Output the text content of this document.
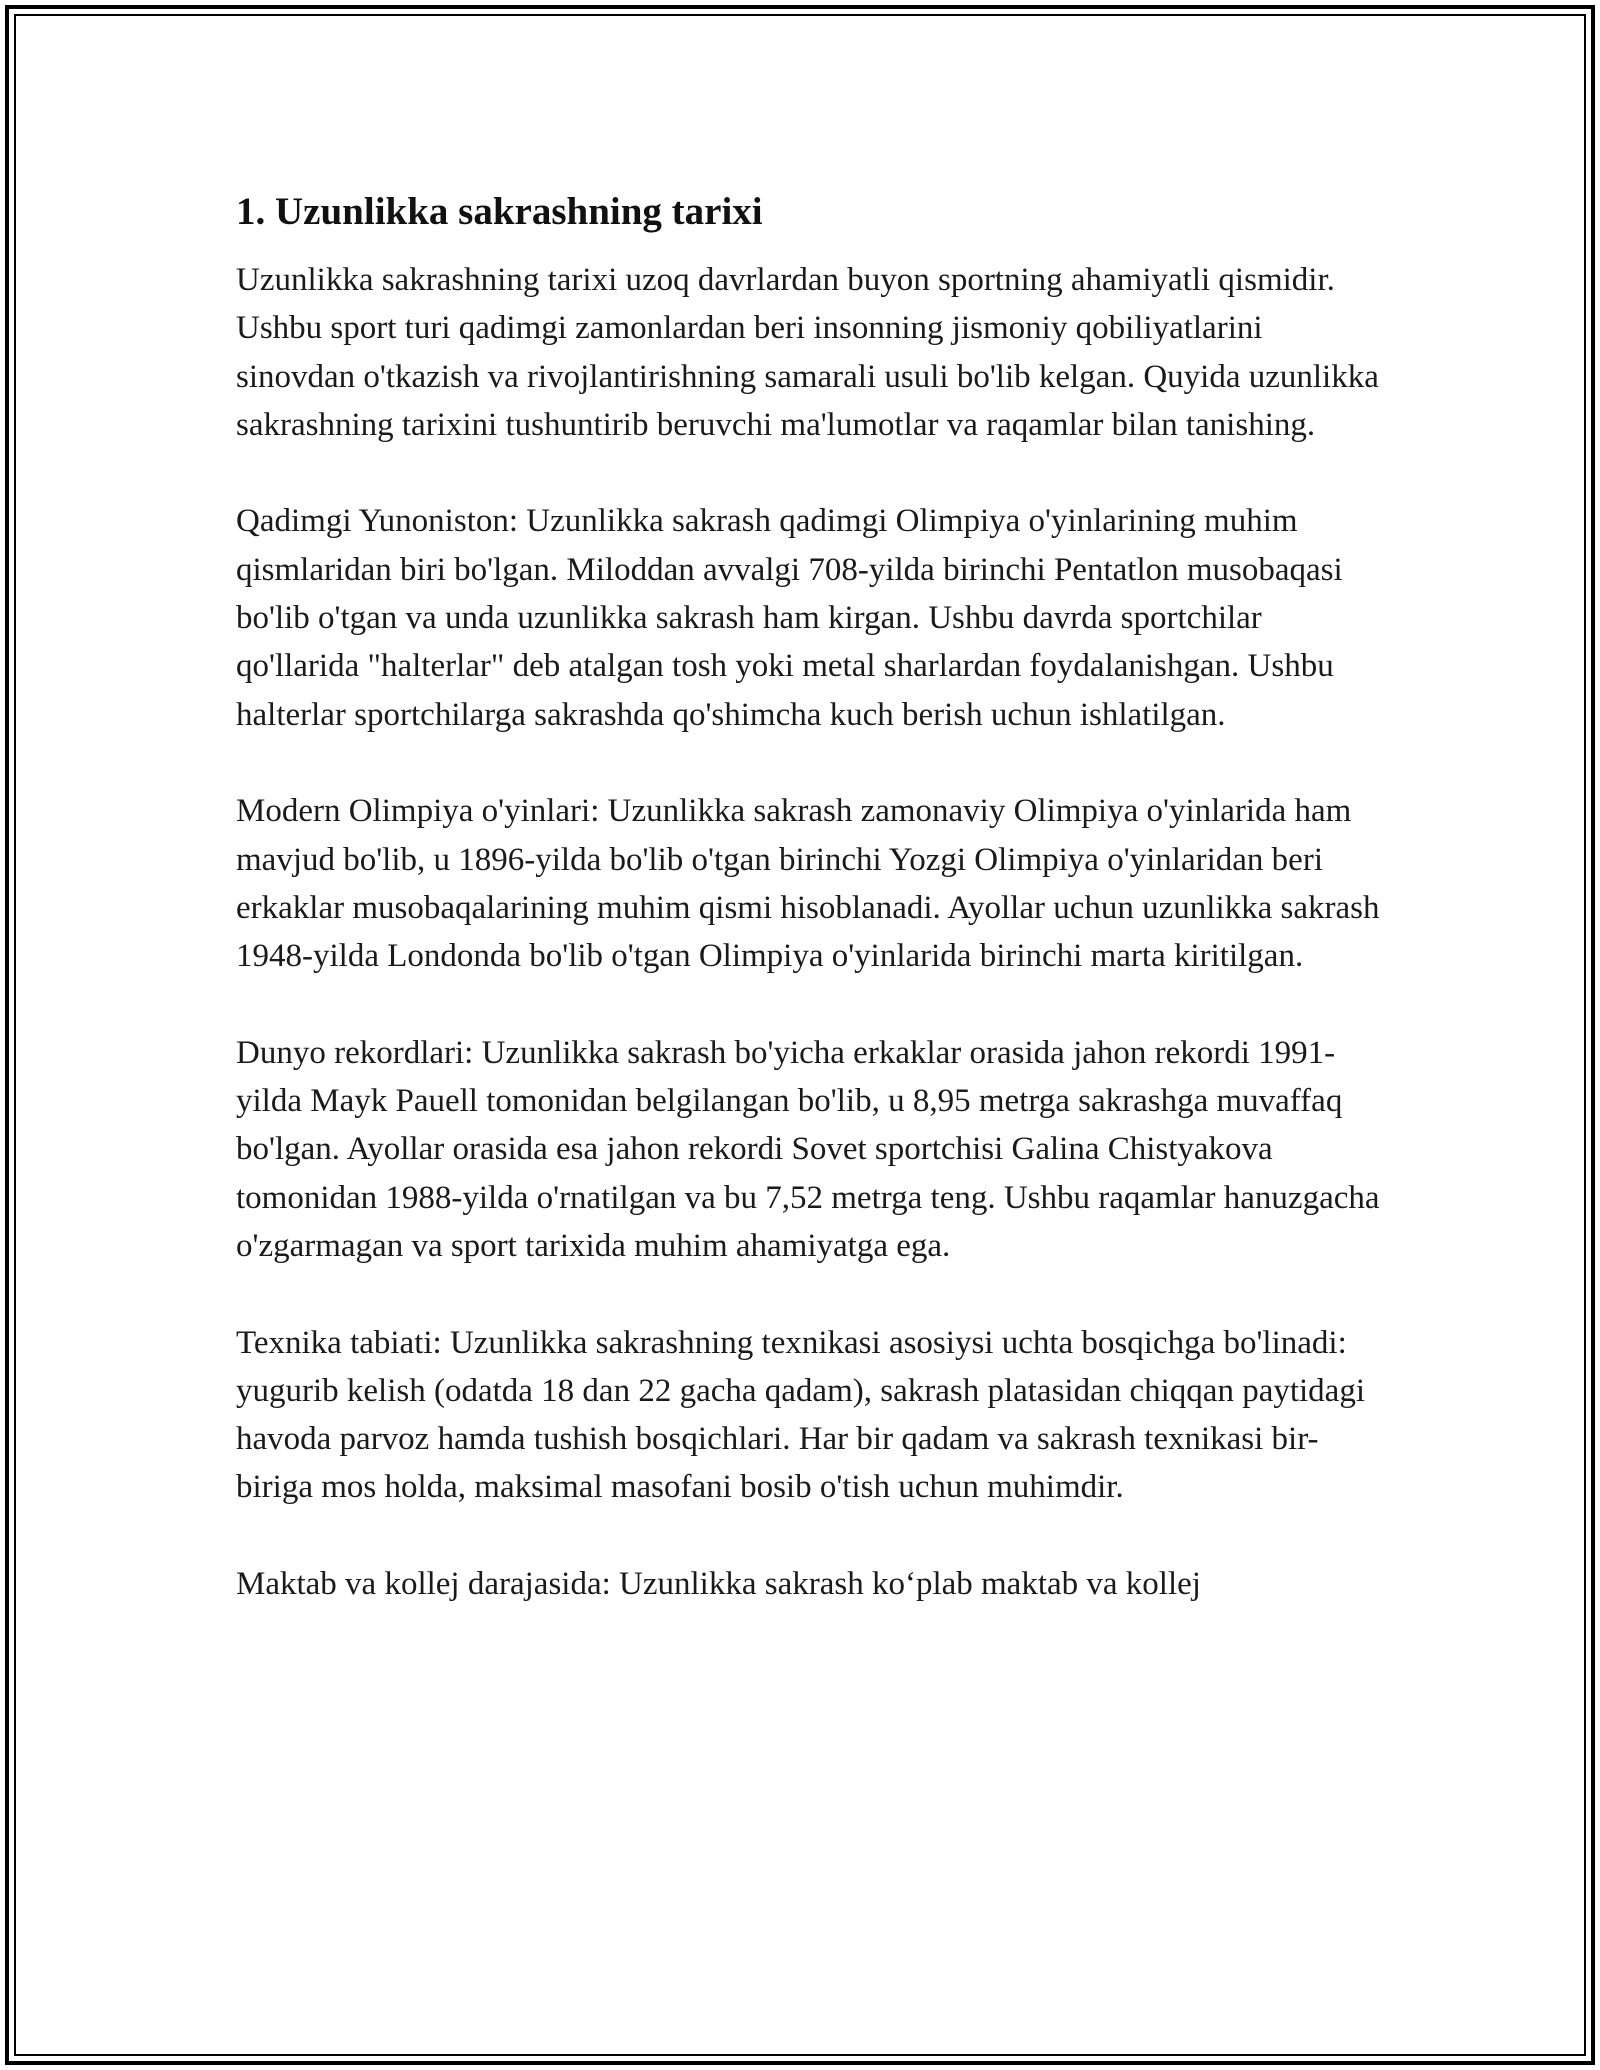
1. Uzunlikka sakrashning tarixi

Uzunlikka sakrashning tarixi uzoq davrlardan buyon sportning ahamiyatli qismidir. Ushbu sport turi qadimgi zamonlardan beri insonning jismoniy qobiliyatlarini sinovdan o'tkazish va rivojlantirishning samarali usuli bo'lib kelgan. Quyida uzunlikka sakrashning tarixini tushuntirib beruvchi ma'lumotlar va raqamlar bilan tanishing.

Qadimgi Yunoniston: Uzunlikka sakrash qadimgi Olimpiya o'yinlarining muhim qismlaridan biri bo'lgan. Miloddan avvalgi 708-yilda birinchi Pentatlon musobaqasi bo'lib o'tgan va unda uzunlikka sakrash ham kirgan. Ushbu davrda sportchilar qo'llarida "halterlar" deb atalgan tosh yoki metal sharlardan foydalanishgan. Ushbu halterlar sportchilarga sakrashda qo'shimcha kuch berish uchun ishlatilgan.

Modern Olimpiya o'yinlari: Uzunlikka sakrash zamonaviy Olimpiya o'yinlarida ham mavjud bo'lib, u 1896-yilda bo'lib o'tgan birinchi Yozgi Olimpiya o'yinlaridan beri erkaklar musobaqalarining muhim qismi hisoblanadi. Ayollar uchun uzunlikka sakrash 1948-yilda Londonda bo'lib o'tgan Olimpiya o'yinlarida birinchi marta kiritilgan.

Dunyo rekordlari: Uzunlikka sakrash bo'yicha erkaklar orasida jahon rekordi 1991-yilda Mayk Pauell tomonidan belgilangan bo'lib, u 8,95 metrga sakrashga muvaffaq bo'lgan. Ayollar orasida esa jahon rekordi Sovet sportchisi Galina Chistyakova tomonidan 1988-yilda o'rnatilgan va bu 7,52 metrga teng. Ushbu raqamlar hanuzgacha o'zgarmagan va sport tarixida muhim ahamiyatga ega.

Texnika tabiati: Uzunlikka sakrashning texnikasi asosiysi uchta bosqichga bo'linadi: yugurib kelish (odatda 18 dan 22 gacha qadam), sakrash platasidan chiqqan paytidagi havoda parvoz hamda tushish bosqichlari. Har bir qadam va sakrash texnikasi bir-biriga mos holda, maksimal masofani bosib o'tish uchun muhimdir.

Maktab va kollej darajasida: Uzunlikka sakrash koʻplab maktab va kollej
